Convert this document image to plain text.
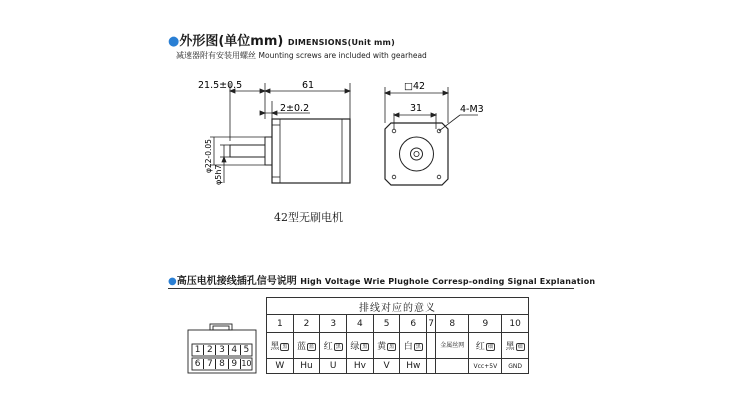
●外形图(单位mm) DIMENSIONS(Unit mm)
减速器附有安装用螺丝 Mounting screws are included with gearhead
21.5±0.5	61
2±0.2
φ22-0.05
φ5h7
□42
31	4-M3
42型无刷电机
●高压电机接线插孔信号说明 High Voltage Wrie Plughole Corresp-onding Signal Explanation
1 2 3 4 5
6 7 8 9 10
排线对应的意义									
1	2	3	4	5	6	7	8	9	10
黑 黑	蓝 蓝	红 黑	绿 黑	黄 黑	白 黑		金属丝网	红 细	黑 细
W	Hu	U	Hv	V	Hw			Vcc+5V	GND
